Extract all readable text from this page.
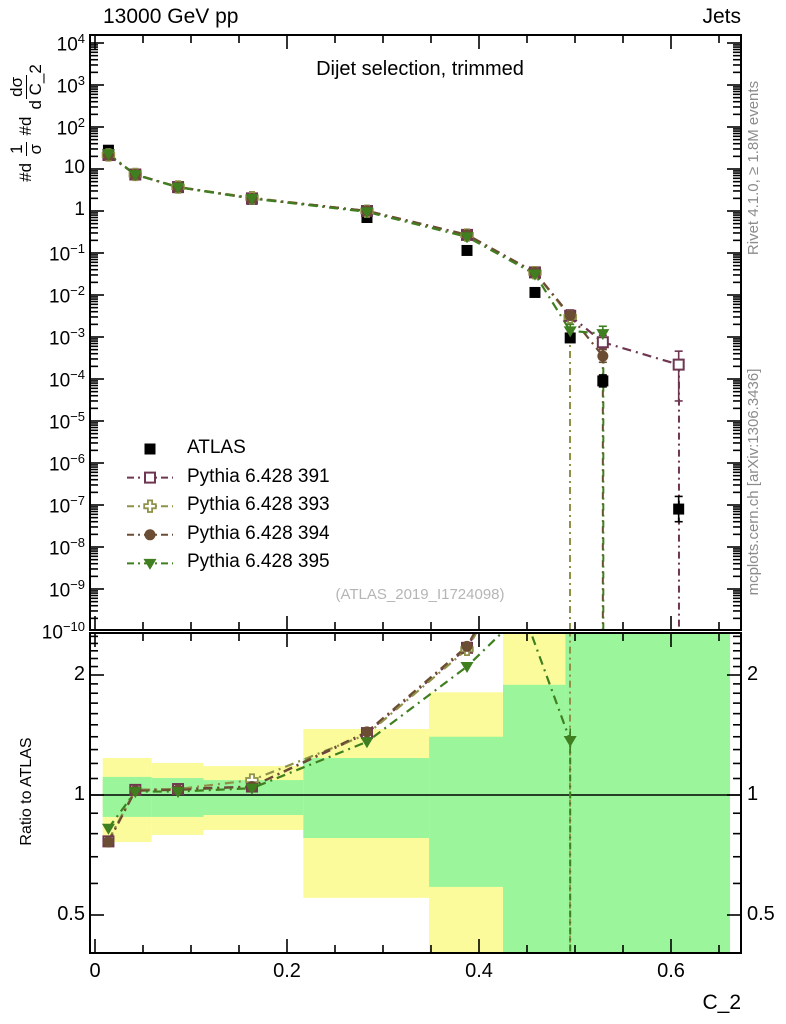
13000 GeV pp	Jets
Dijet selection, trimmed
(ATLAS_2019_I1724098)
#d
1 σ
#d
dσ d C_2
Ratio to ATLAS
Rivet 4.1.0, ≥ 1.8M events
mcplots.cern.ch [arXiv:1306.3436]
C_2
$10^4$
$10^3$
$10^2$
10
1
$10^{-1}$
$10^{-2}$
$10^{-3}$
$10^{-4}$
$10^{-5}$
$10^{-6}$
$10^{-7}$
$10^{-8}$
$10^{-9}$
$10^{-10}$
0	0.2	0.4	0.6
2	2
1	1
0.5	0.5
ATLAS
Pythia 6.428 391
Pythia 6.428 393
Pythia 6.428 394
Pythia 6.428 395
